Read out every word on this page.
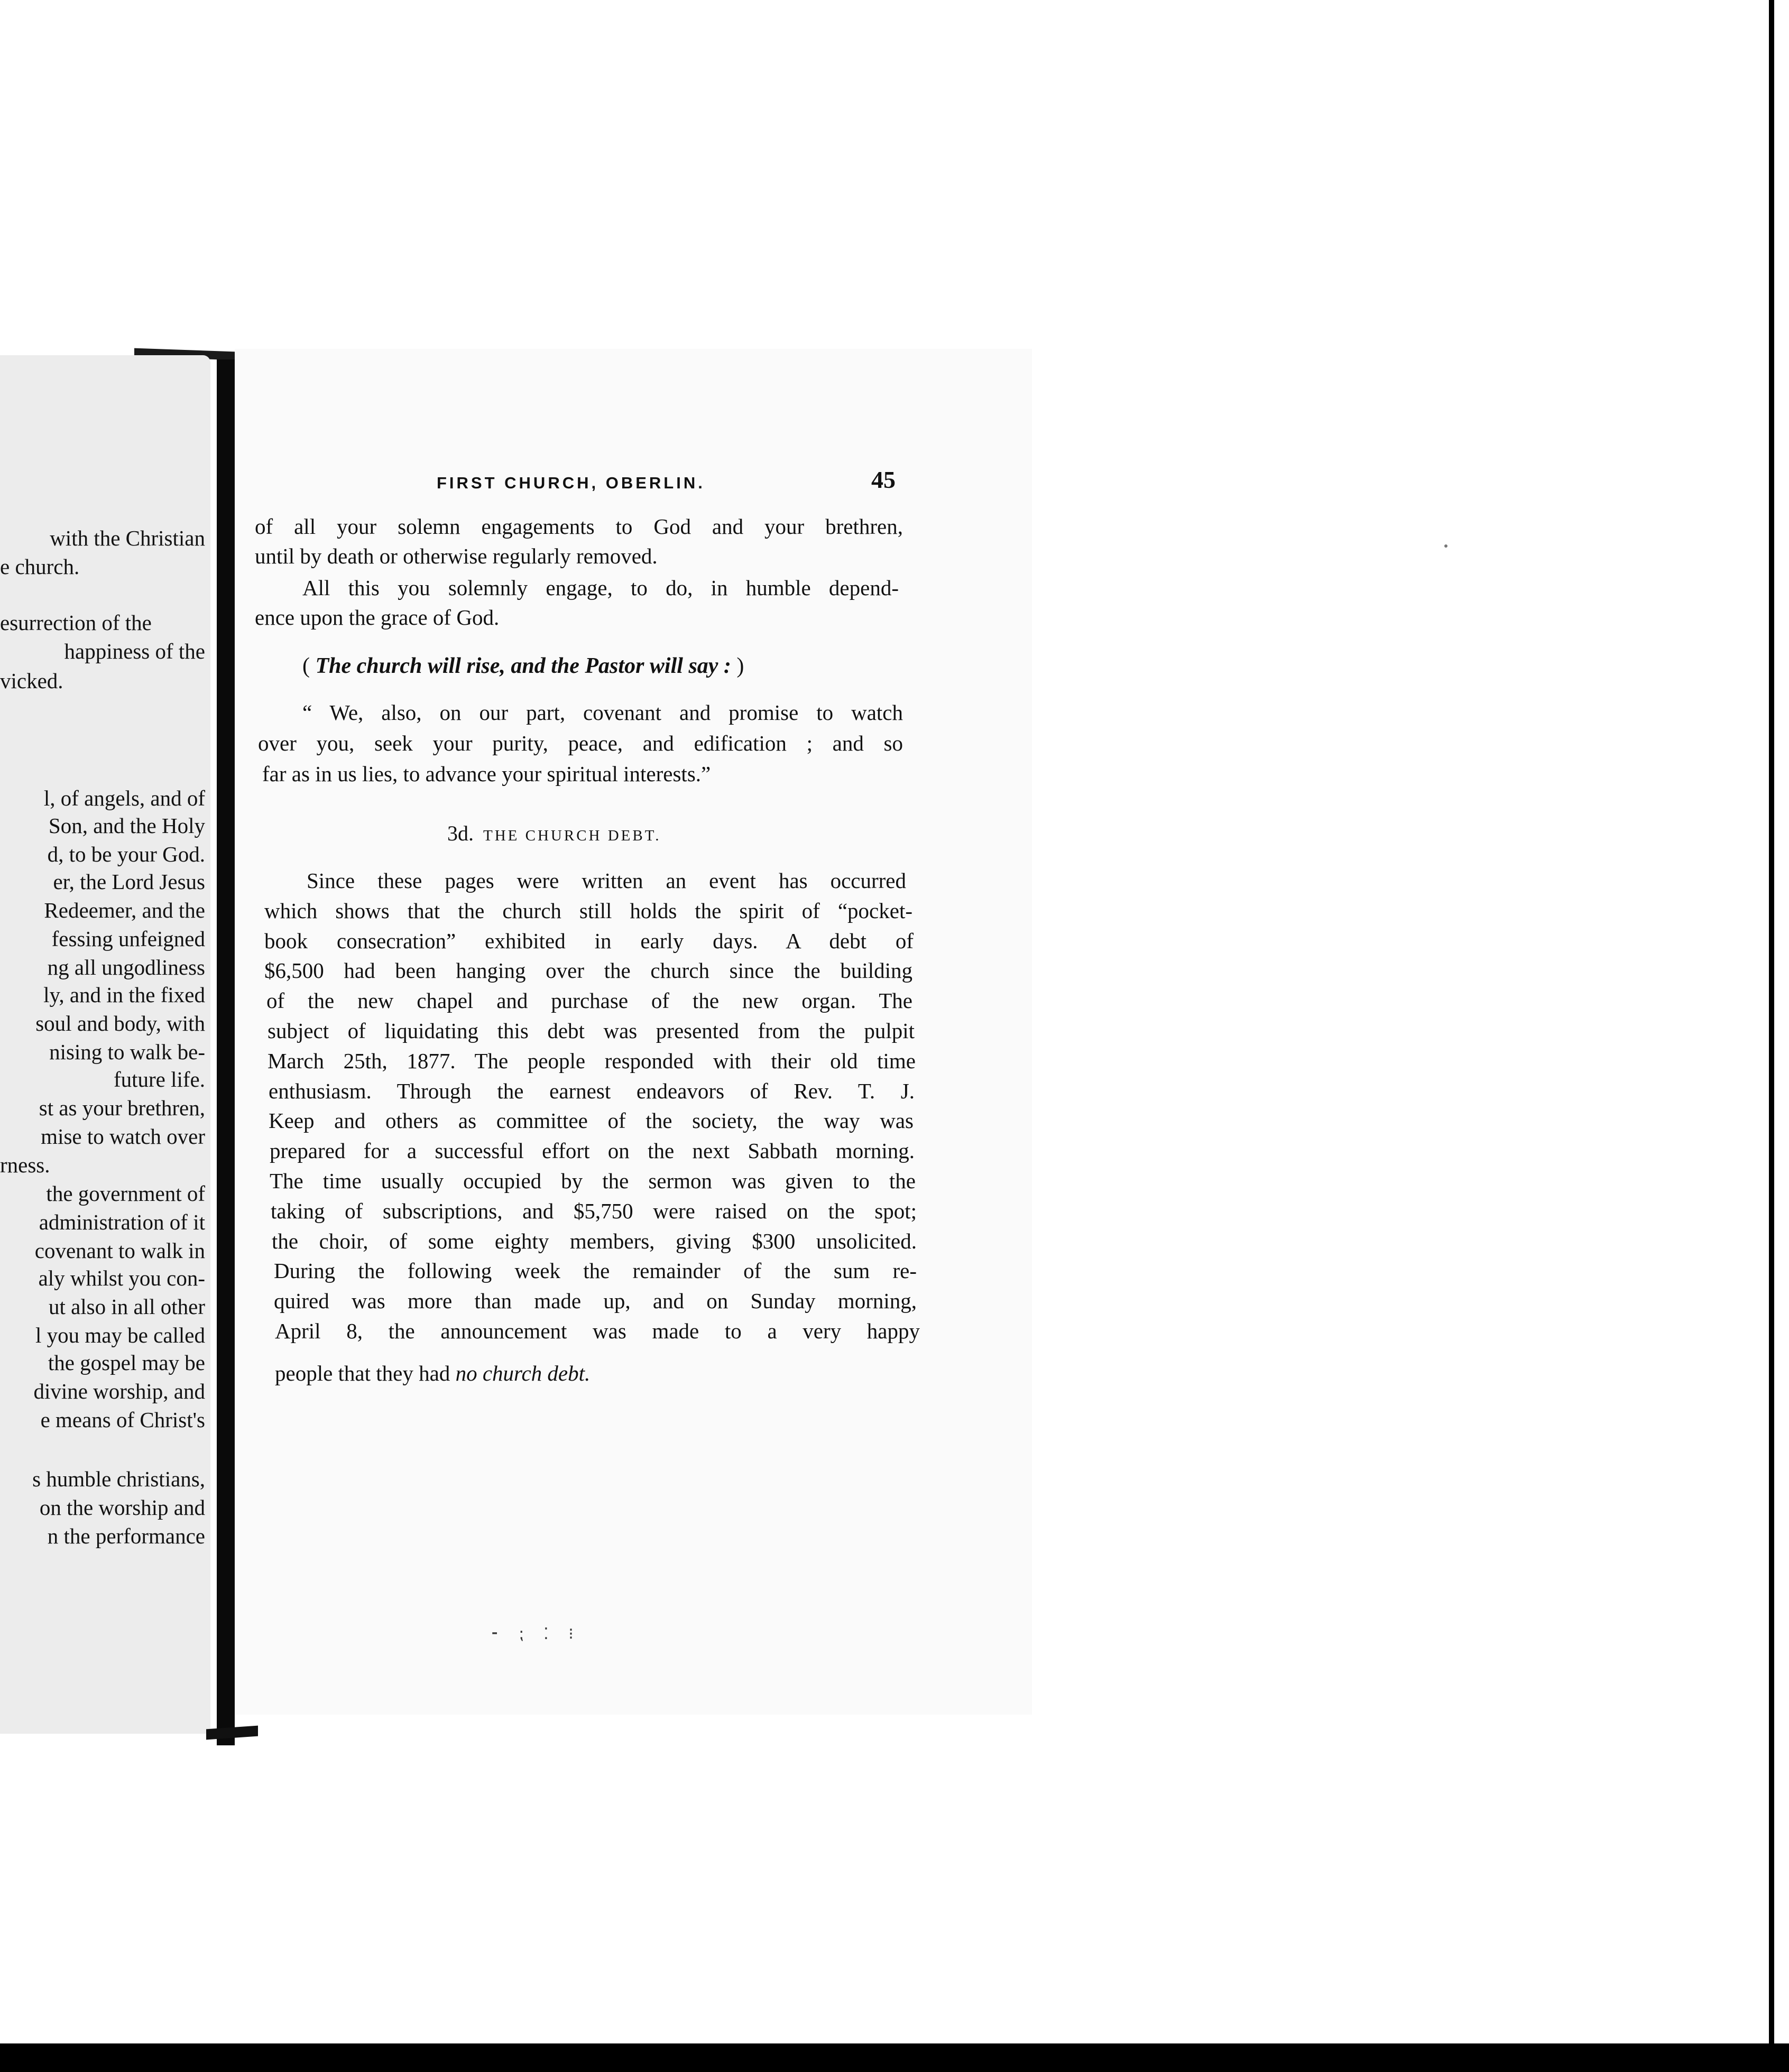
with the Christian
e church.
esurrection of the
happiness of the
vicked.
l, of angels, and of
Son, and the Holy
d, to be your God.
er, the Lord Jesus
Redeemer, and the
fessing unfeigned
ng all ungodliness
ly, and in the fixed
soul and body, with
nising to walk be-
future life.
st as your brethren,
mise to watch over
rness.
the government of
administration of it
covenant to walk in
aly whilst you con-
ut also in all other
l you may be called
the gospel may be
divine worship, and
e means of Christ's
s humble christians,
on the worship and
n the performance
FIRST CHURCH, OBERLIN.	45
of all your solemn engagements to God and your brethren,
until by death or otherwise regularly removed.
All this you solemnly engage, to do, in humble depend-
ence upon the grace of God.
( The church will rise, and the Pastor will say : )
“ We, also, on our part, covenant and promise to watch
over you, seek your purity, peace, and edification ; and so
far as in us lies, to advance your spiritual interests.”
3d. THE CHURCH DEBT.
Since these pages were written an event has occurred
which shows that the church still holds the spirit of “pocket-
book consecration” exhibited in early days. A debt of
$6,500 had been hanging over the church since the building
of the new chapel and purchase of the new organ. The
subject of liquidating this debt was presented from the pulpit
March 25th, 1877. The people responded with their old time
enthusiasm. Through the earnest endeavors of Rev. T. J.
Keep and others as committee of the society, the way was
prepared for a successful effort on the next Sabbath morning.
The time usually occupied by the sermon was given to the
taking of subscriptions, and $5,750 were raised on the spot;
the choir, of some eighty members, giving $300 unsolicited.
During the following week the remainder of the sum re-
quired was more than made up, and on Sunday morning,
April 8, the announcement was made to a very happy
people that they had no church debt.
⁃ ⁏ ⁚ ⁝
